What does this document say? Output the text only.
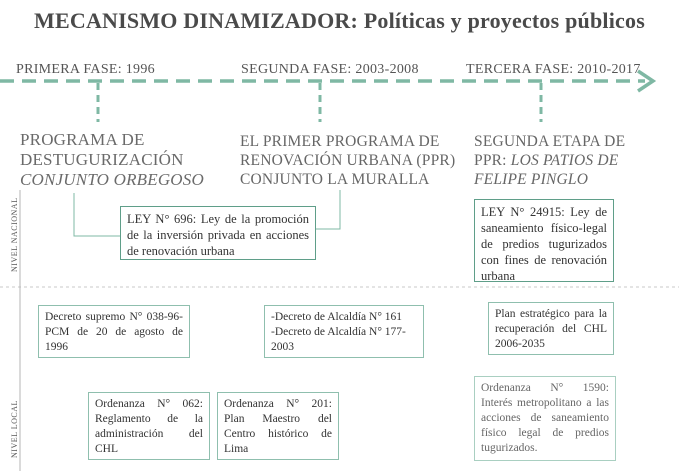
MECANISMO DINAMIZADOR: Políticas y proyectos públicos
PRIMERA FASE: 1996	SEGUNDA FASE: 2003-2008	TERCERA FASE: 2010-2017
PROGRAMA DE
DESTUGURIZACIÓN
CONJUNTO ORBEGOSO
EL PRIMER PROGRAMA DE
RENOVACIÓN URBANA (PPR)
CONJUNTO LA MURALLA
SEGUNDA ETAPA DE
PPR: LOS PATIOS DE
FELIPE PINGLO
NIVEL NACIONAL
NIVEL LOCAL
LEY N° 696: Ley de la promoción de la inversión privada en acciones de renovación urbana
LEY N° 24915: Ley de saneamiento físico-legal de predios tugurizados con fines de renovación urbana
Decreto supremo N° 038-96-PCM de 20 de agosto de 1996
-Decreto de Alcaldía N° 161
-Decreto de Alcaldía N° 177-2003
Plan estratégico para la recuperación del CHL 2006-2035
Ordenanza N° 062: Reglamento de la administración del CHL
Ordenanza N° 201: Plan Maestro del Centro histórico de Lima
Ordenanza N° 1590: Interés metropolitano a las acciones de saneamiento físico legal de predios tugurizados.
